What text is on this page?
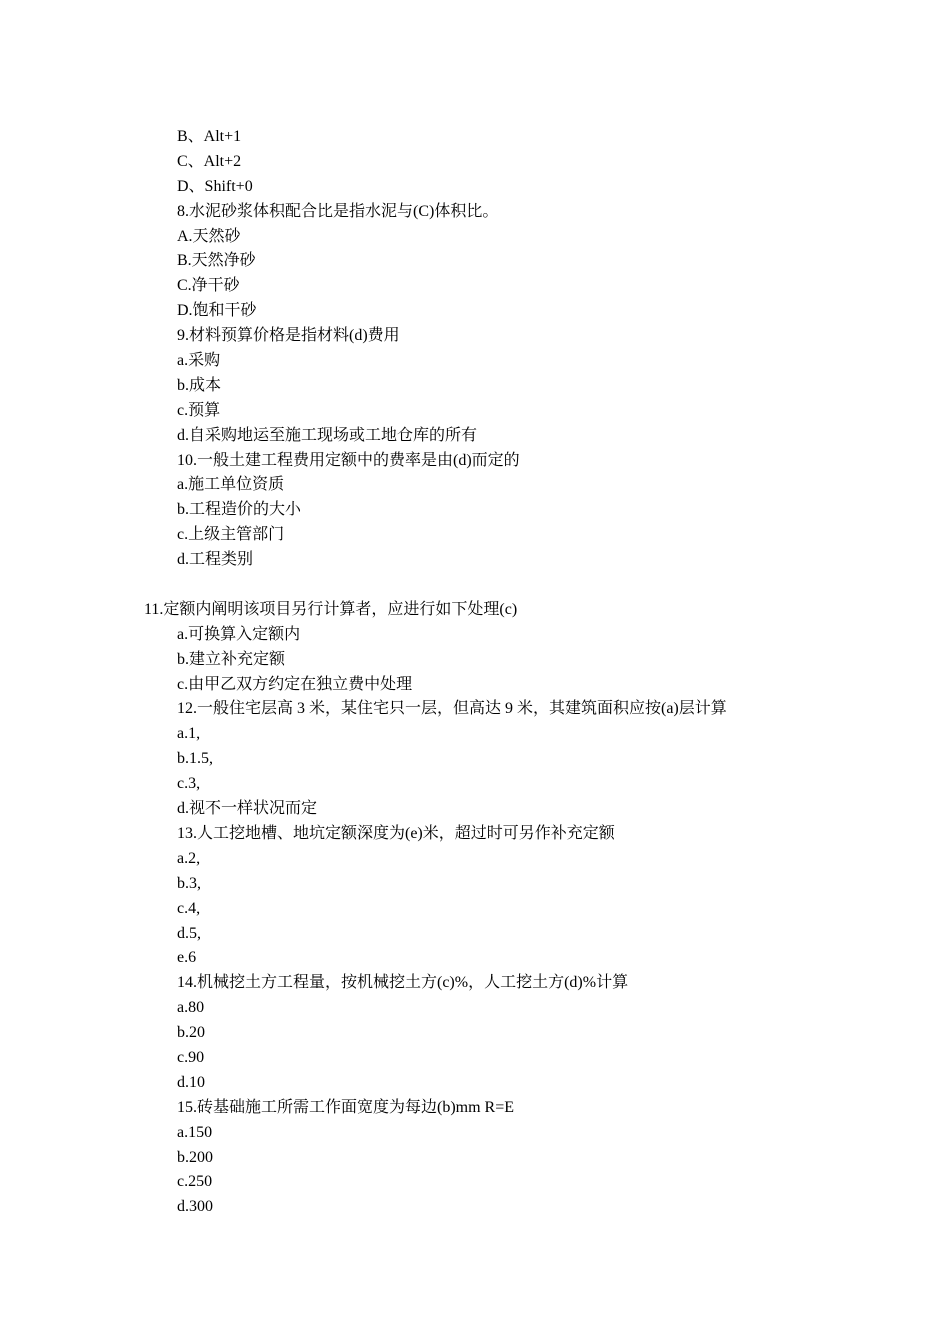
B、Alt+1
C、Alt+2
D、Shift+0
8.水泥砂浆体积配合比是指水泥与(C)体积比。
A.天然砂
B.天然净砂
C.净干砂
D.饱和干砂
9.材料预算价格是指材料(d)费用
a.采购
b.成本
c.预算
d.自采购地运至施工现场或工地仓库的所有
10.一般土建工程费用定额中的费率是由(d)而定的
a.施工单位资质
b.工程造价的大小
c.上级主管部门
d.工程类别
11.定额内阐明该项目另行计算者，应进行如下处理(c)
a.可换算入定额内
b.建立补充定额
c.由甲乙双方约定在独立费中处理
12.一般住宅层高 3 米，某住宅只一层，但高达 9 米，其建筑面积应按(a)层计算
a.1,
b.1.5,
c.3,
d.视不一样状况而定
13.人工挖地槽、地坑定额深度为(e)米，超过时可另作补充定额
a.2,
b.3,
c.4,
d.5,
e.6
14.机械挖土方工程量，按机械挖土方(c)%，人工挖土方(d)%计算
a.80
b.20
c.90
d.10
15.砖基础施工所需工作面宽度为每边(b)mm R=E
a.150
b.200
c.250
d.300
